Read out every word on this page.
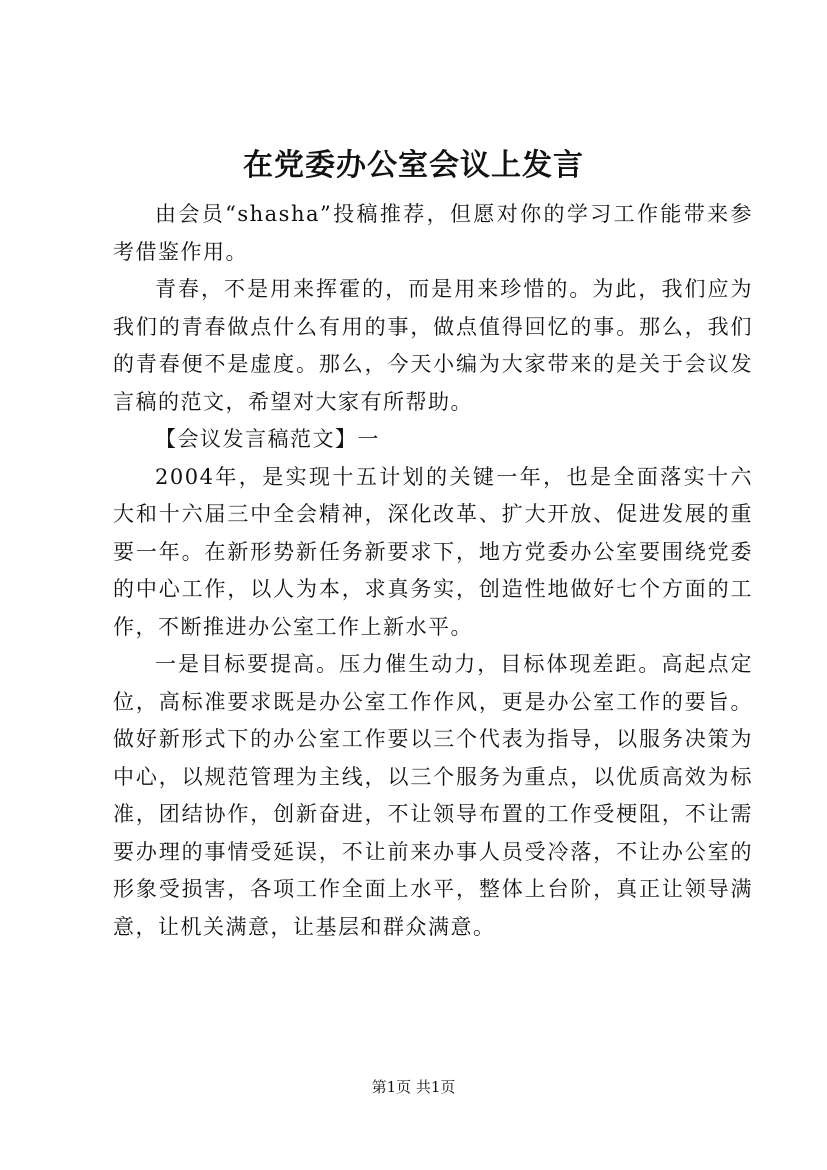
在党委办公室会议上发言

由会员“shasha”投稿推荐，但愿对你的学习工作能带来参考借鉴作用。

青春，不是用来挥霍的，而是用来珍惜的。为此，我们应为我们的青春做点什么有用的事，做点值得回忆的事。那么，我们的青春便不是虚度。那么，今天小编为大家带来的是关于会议发言稿的范文，希望对大家有所帮助。

【会议发言稿范文】一

2004年，是实现十五计划的关键一年，也是全面落实十六大和十六届三中全会精神，深化改革、扩大开放、促进发展的重要一年。在新形势新任务新要求下，地方党委办公室要围绕党委的中心工作，以人为本，求真务实，创造性地做好七个方面的工作，不断推进办公室工作上新水平。

一是目标要提高。压力催生动力，目标体现差距。高起点定位，高标准要求既是办公室工作作风，更是办公室工作的要旨。做好新形式下的办公室工作要以三个代表为指导，以服务决策为中心，以规范管理为主线，以三个服务为重点，以优质高效为标准，团结协作，创新奋进，不让领导布置的工作受梗阻，不让需要办理的事情受延误，不让前来办事人员受冷落，不让办公室的形象受损害，各项工作全面上水平，整体上台阶，真正让领导满意，让机关满意，让基层和群众满意。

第1页 共1页
